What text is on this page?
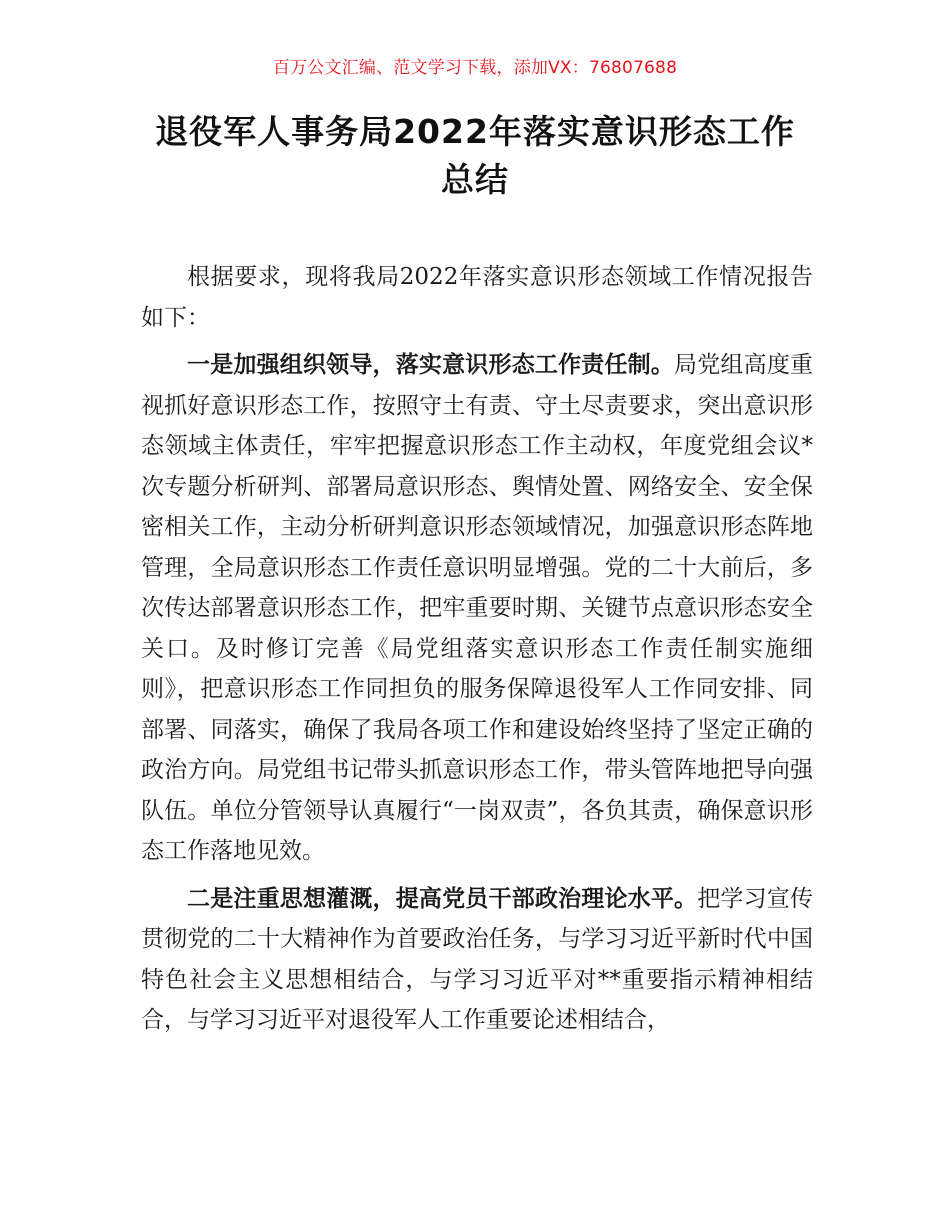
百万公文汇编、范文学习下载，添加VX：76807688
退役军人事务局2022年落实意识形态工作
总结

根据要求，现将我局2022年落实意识形态领域工作情况报告如下：

一是加强组织领导，落实意识形态工作责任制。局党组高度重视抓好意识形态工作，按照守土有责、守土尽责要求，突出意识形态领域主体责任，牢牢把握意识形态工作主动权，年度党组会议*次专题分析研判、部署局意识形态、舆情处置、网络安全、安全保密相关工作，主动分析研判意识形态领域情况，加强意识形态阵地管理，全局意识形态工作责任意识明显增强。党的二十大前后，多次传达部署意识形态工作，把牢重要时期、关键节点意识形态安全关口。及时修订完善《局党组落实意识形态工作责任制实施细则》，把意识形态工作同担负的服务保障退役军人工作同安排、同部署、同落实，确保了我局各项工作和建设始终坚持了坚定正确的政治方向。局党组书记带头抓意识形态工作，带头管阵地把导向强队伍。单位分管领导认真履行“一岗双责”，各负其责，确保意识形态工作落地见效。

二是注重思想灌溉，提高党员干部政治理论水平。把学习宣传贯彻党的二十大精神作为首要政治任务，与学习习近平新时代中国特色社会主义思想相结合，与学习习近平对**重要指示精神相结合，与学习习近平对退役军人工作重要论述相结合，
